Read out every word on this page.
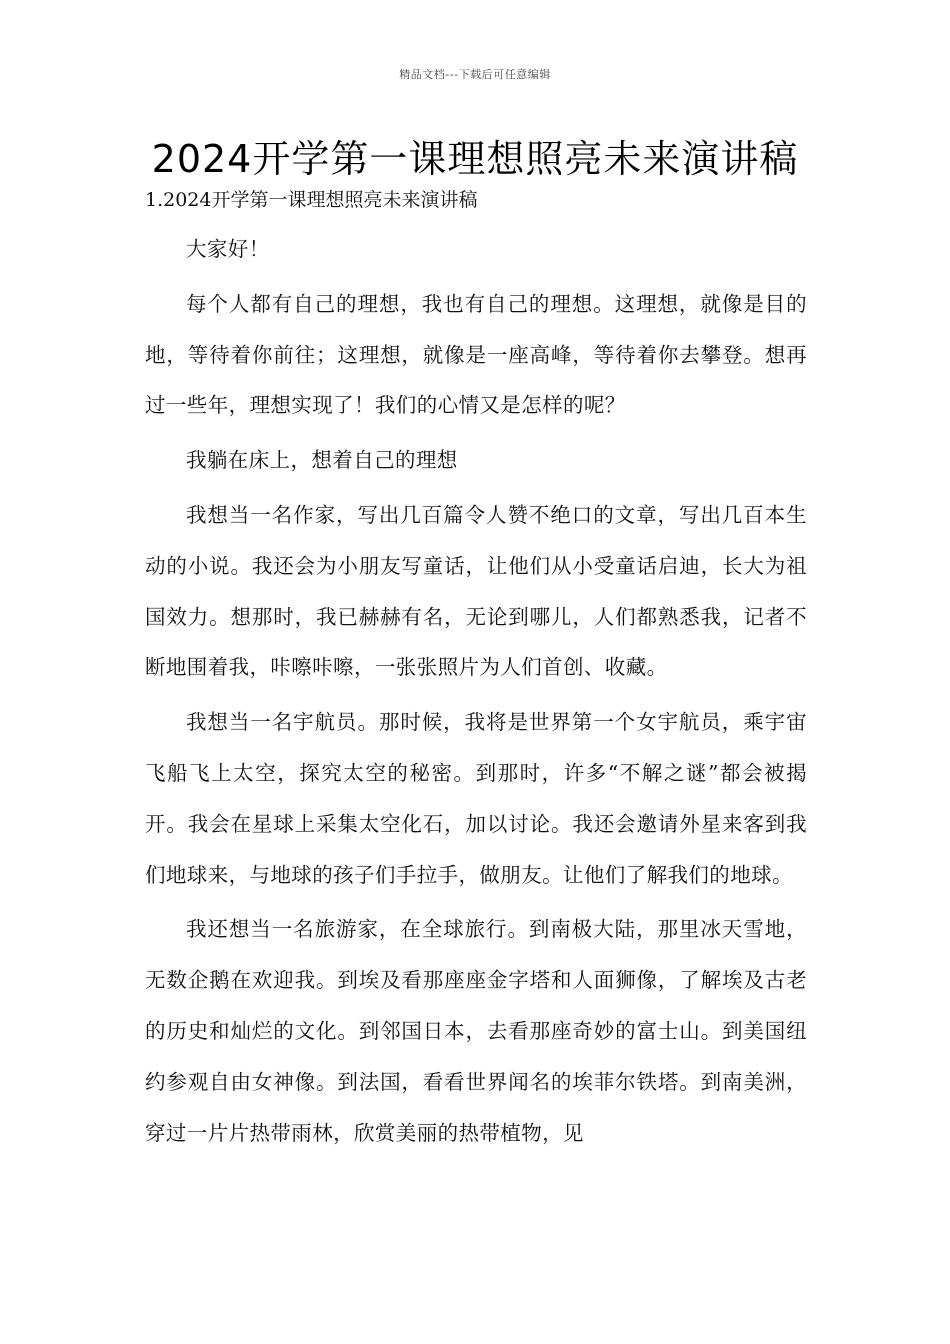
精品文档---下载后可任意编辑
2024开学第一课理想照亮未来演讲稿
1.2024开学第一课理想照亮未来演讲稿

大家好！

每个人都有自己的理想，我也有自己的理想。这理想，就像是目的地，等待着你前往；这理想，就像是一座高峰，等待着你去攀登。想再过一些年，理想实现了！我们的心情又是怎样的呢？

我躺在床上，想着自己的理想

我想当一名作家，写出几百篇令人赞不绝口的文章，写出几百本生动的小说。我还会为小朋友写童话，让他们从小受童话启迪，长大为祖国效力。想那时，我已赫赫有名，无论到哪儿，人们都熟悉我，记者不断地围着我，咔嚓咔嚓，一张张照片为人们首创、收藏。

我想当一名宇航员。那时候，我将是世界第一个女宇航员，乘宇宙飞船飞上太空，探究太空的秘密。到那时，许多“不解之谜”都会被揭开。我会在星球上采集太空化石，加以讨论。我还会邀请外星来客到我们地球来，与地球的孩子们手拉手，做朋友。让他们了解我们的地球。

我还想当一名旅游家，在全球旅行。到南极大陆，那里冰天雪地，无数企鹅在欢迎我。到埃及看那座座金字塔和人面狮像，了解埃及古老的历史和灿烂的文化。到邻国日本，去看那座奇妙的富士山。到美国纽约参观自由女神像。到法国，看看世界闻名的埃菲尔铁塔。到南美洲，穿过一片片热带雨林，欣赏美丽的热带植物，见
